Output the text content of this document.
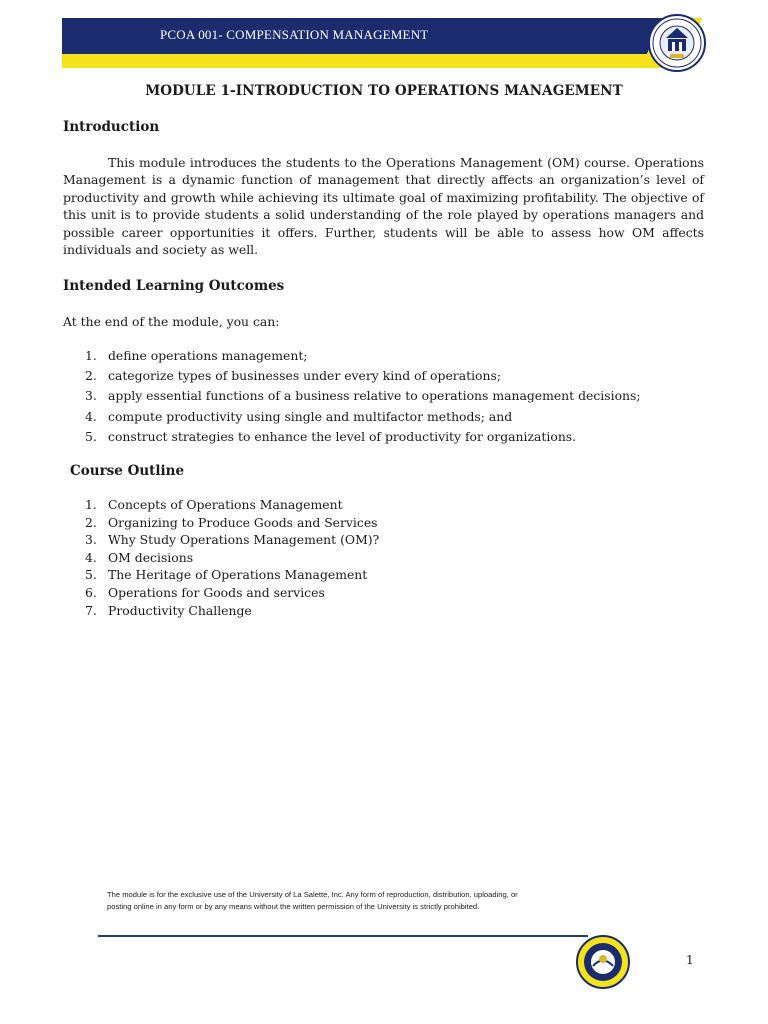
PCOA 001- COMPENSATION MANAGEMENT
MODULE 1-INTRODUCTION TO OPERATIONS MANAGEMENT
Introduction
This module introduces the students to the Operations Management (OM) course. Operations Management is a dynamic function of management that directly affects an organization’s level of productivity and growth while achieving its ultimate goal of maximizing profitability. The objective of this unit is to provide students a solid understanding of the role played by operations managers and possible career opportunities it offers. Further, students will be able to assess how OM affects individuals and society as well.
Intended Learning Outcomes
At the end of the module, you can:
1. define operations management;
2. categorize types of businesses under every kind of operations;
3. apply essential functions of a business relative to operations management decisions;
4. compute productivity using single and multifactor methods; and
5. construct strategies to enhance the level of productivity for organizations.
Course Outline
1. Concepts of Operations Management
2. Organizing to Produce Goods and Services
3. Why Study Operations Management (OM)?
4. OM decisions
5. The Heritage of Operations Management
6. Operations for Goods and services
7. Productivity Challenge
The module is for the exclusive use of the University of La Salette, Inc. Any form of reproduction, distribution, uploading, or
posting online in any form or by any means without the written permission of the University is strictly prohibited.
1
